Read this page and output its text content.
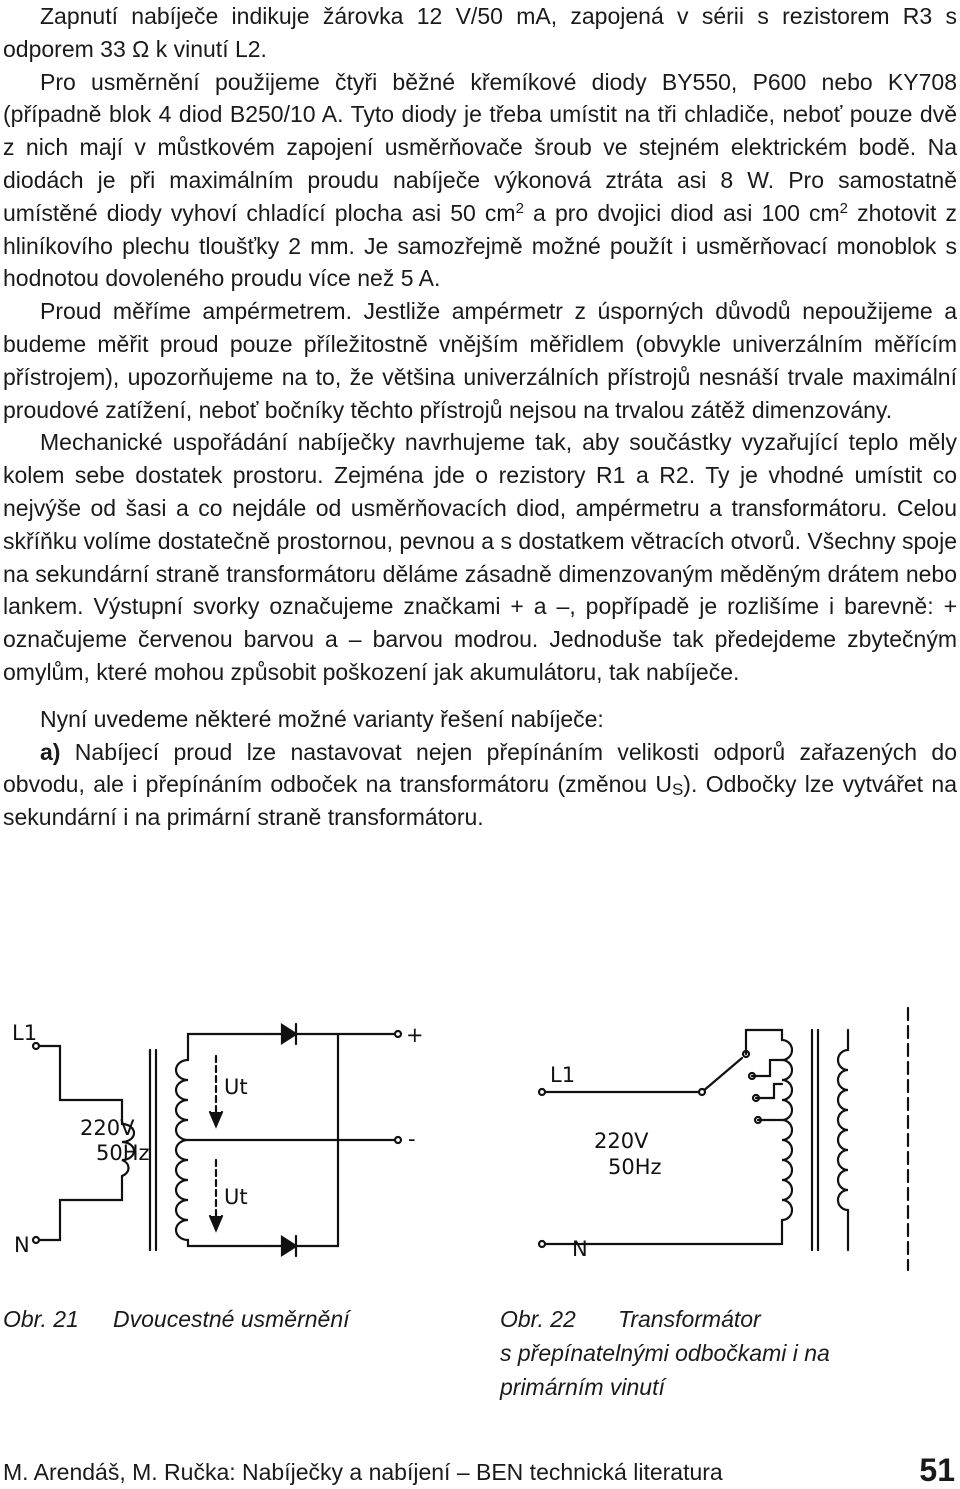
Zapnutí nabíječe indikuje žárovka 12 V/50 mA, zapojená v sérii s rezistorem R3 s odporem 33 Ω k vinutí L2.

Pro usměrnění použijeme čtyři běžné křemíkové diody BY550, P600 nebo KY708 (případně blok 4 diod B250/10 A. Tyto diody je třeba umístit na tři chladiče, neboť pouze dvě z nich mají v můstkovém zapojení usměrňovače šroub ve stejném elektrickém bodě. Na diodách je při maximálním proudu nabíječe výkonová ztráta asi 8 W. Pro samostatně umístěné diody vyhoví chladící plocha asi 50 $cm^2$ a pro dvojici diod asi 100 $cm^2$ zhotovit z hliníkovího plechu tloušťky 2 mm. Je samozřejmě možné použít i usměrňovací monoblok s hodnotou dovoleného proudu více než 5 A.

Proud měříme ampérmetrem. Jestliže ampérmetr z úsporných důvodů nepoužijeme a budeme měřit proud pouze příležitostně vnějším měřidlem (obvykle univerzálním měřícím přístrojem), upozorňujeme na to, že většina univerzálních přístrojů nesnáší trvale maximální proudové zatížení, neboť bočníky těchto přístrojů nejsou na trvalou zátěž dimenzovány.

Mechanické uspořádání nabíječky navrhujeme tak, aby součástky vyzařující teplo měly kolem sebe dostatek prostoru. Zejména jde o rezistory R1 a R2. Ty je vhodné umístit co nejvýše od šasi a co nejdále od usměrňovacích diod, ampérmetru a transformátoru. Celou skříňku volíme dostatečně prostornou, pevnou a s dostatkem větracích otvorů. Všechny spoje na sekundární straně transformátoru děláme zásadně dimenzovaným měděným drátem nebo lankem. Výstupní svorky označujeme značkami + a –, popřípadě je rozlišíme i barevně: + označujeme červenou barvou a – barvou modrou. Jednoduše tak předejdeme zbytečným omylům, které mohou způsobit poškození jak akumulátoru, tak nabíječe.

Nyní uvedeme některé možné varianty řešení nabíječe:

a) Nabíjecí proud lze nastavovat nejen přepínáním velikosti odporů zařazených do obvodu, ale i přepínáním odboček na transformátoru (změnou $U_S$). Odbočky lze vytvářet na sekundární i na primární straně transformátoru.

L1
N
220V
50Hz
+
-
Ut
Ut
L1
N
220V
50Hz
Obr. 21 Dvoucestné usměrnění	Obr. 22 Transformátor
s přepínatelnými odbočkami i na
primárním vinutí
M. Arendáš, M. Ručka: Nabíječky a nabíjení – BEN technická literatura	51
